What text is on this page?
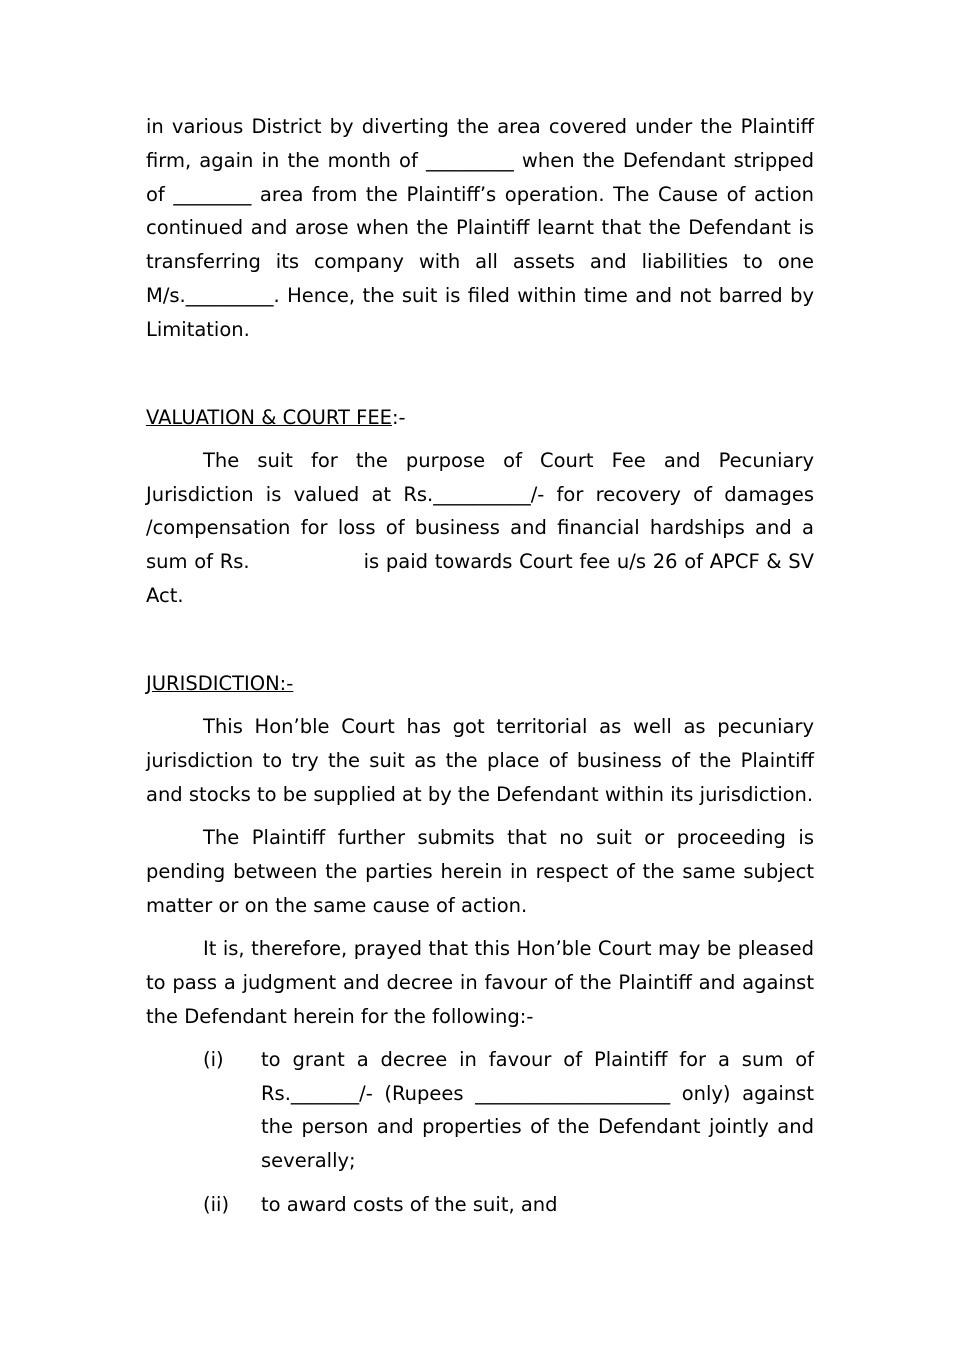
in various District by diverting the area covered under the Plaintiff firm, again in the month of _________ when the Defendant stripped of ________ area from the Plaintiff’s operation. The Cause of action continued and arose when the Plaintiff learnt that the Defendant is transferring its company with all assets and liabilities to one M/s._________. Hence, the suit is filed within time and not barred by Limitation.

VALUATION & COURT FEE:-

The suit for the purpose of Court Fee and Pecuniary Jurisdiction is valued at Rs.__________/- for recovery of damages /compensation for loss of business and financial hardships and a sum of Rs.                 is paid towards Court fee u/s 26 of APCF & SV Act.

JURISDICTION:-

This Hon’ble Court has got territorial as well as pecuniary jurisdiction to try the suit as the place of business of the Plaintiff and stocks to be supplied at by the Defendant within its jurisdiction.

The Plaintiff further submits that no suit or proceeding is pending between the parties herein in respect of the same subject matter or on the same cause of action.

It is, therefore, prayed that this Hon’ble Court may be pleased to pass a judgment and decree in favour of the Plaintiff and against the Defendant herein for the following:-

(i)	to grant a decree in favour of Plaintiff for a sum of Rs._______/- (Rupees ____________________ only) against the person and properties of the Defendant jointly and severally;
(ii)	to award costs of the suit, and
